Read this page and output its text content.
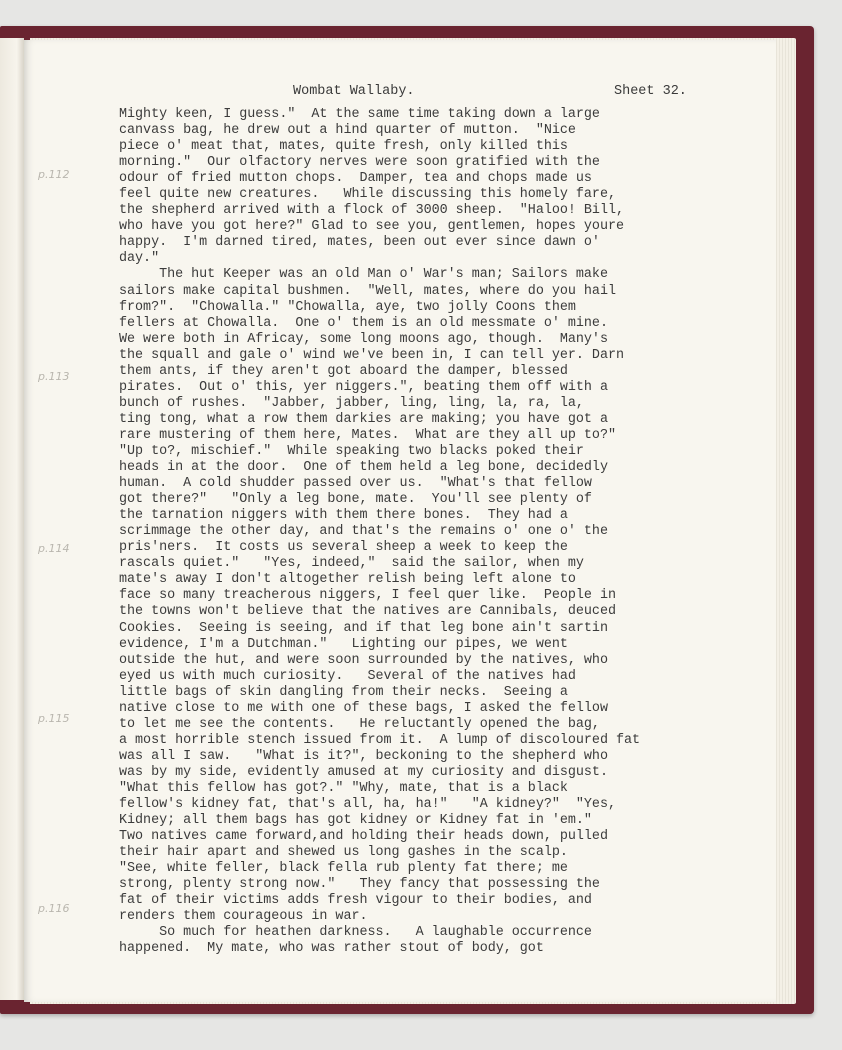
Wombat Wallaby.	Sheet 32.
p.112
p.113
p.114
p.115
p.116
Mighty keen, I guess."  At the same time taking down a large
canvass bag, he drew out a hind quarter of mutton.  "Nice
piece o' meat that, mates, quite fresh, only killed this
morning."  Our olfactory nerves were soon gratified with the
odour of fried mutton chops.  Damper, tea and chops made us
feel quite new creatures.   While discussing this homely fare,
the shepherd arrived with a flock of 3000 sheep.  "Haloo! Bill,
who have you got here?" Glad to see you, gentlemen, hopes youre
happy.  I'm darned tired, mates, been out ever since dawn o'
day."
The hut Keeper was an old Man o' War's man; Sailors make
sailors make capital bushmen.  "Well, mates, where do you hail
from?".  "Chowalla." "Chowalla, aye, two jolly Coons them
fellers at Chowalla.  One o' them is an old messmate o' mine.
We were both in Africay, some long moons ago, though.  Many's
the squall and gale o' wind we've been in, I can tell yer. Darn
them ants, if they aren't got aboard the damper, blessed
pirates.  Out o' this, yer niggers.", beating them off with a
bunch of rushes.  "Jabber, jabber, ling, ling, la, ra, la,
ting tong, what a row them darkies are making; you have got a
rare mustering of them here, Mates.  What are they all up to?"
"Up to?, mischief."  While speaking two blacks poked their
heads in at the door.  One of them held a leg bone, decidedly
human.  A cold shudder passed over us.  "What's that fellow
got there?"   "Only a leg bone, mate.  You'll see plenty of
the tarnation niggers with them there bones.  They had a
scrimmage the other day, and that's the remains o' one o' the
pris'ners.  It costs us several sheep a week to keep the
rascals quiet."   "Yes, indeed,"  said the sailor, when my
mate's away I don't altogether relish being left alone to
face so many treacherous niggers, I feel quer like.  People in
the towns won't believe that the natives are Cannibals, deuced
Cookies.  Seeing is seeing, and if that leg bone ain't sartin
evidence, I'm a Dutchman."   Lighting our pipes, we went
outside the hut, and were soon surrounded by the natives, who
eyed us with much curiosity.   Several of the natives had
little bags of skin dangling from their necks.  Seeing a
native close to me with one of these bags, I asked the fellow
to let me see the contents.   He reluctantly opened the bag,
a most horrible stench issued from it.  A lump of discoloured fat
was all I saw.   "What is it?", beckoning to the shepherd who
was by my side, evidently amused at my curiosity and disgust.
"What this fellow has got?." "Why, mate, that is a black
fellow's kidney fat, that's all, ha, ha!"   "A kidney?"  "Yes,
Kidney; all them bags has got kidney or Kidney fat in 'em."
Two natives came forward,and holding their heads down, pulled
their hair apart and shewed us long gashes in the scalp.
"See, white feller, black fella rub plenty fat there; me
strong, plenty strong now."   They fancy that possessing the
fat of their victims adds fresh vigour to their bodies, and
renders them courageous in war.
So much for heathen darkness.   A laughable occurrence
happened.  My mate, who was rather stout of body, got
